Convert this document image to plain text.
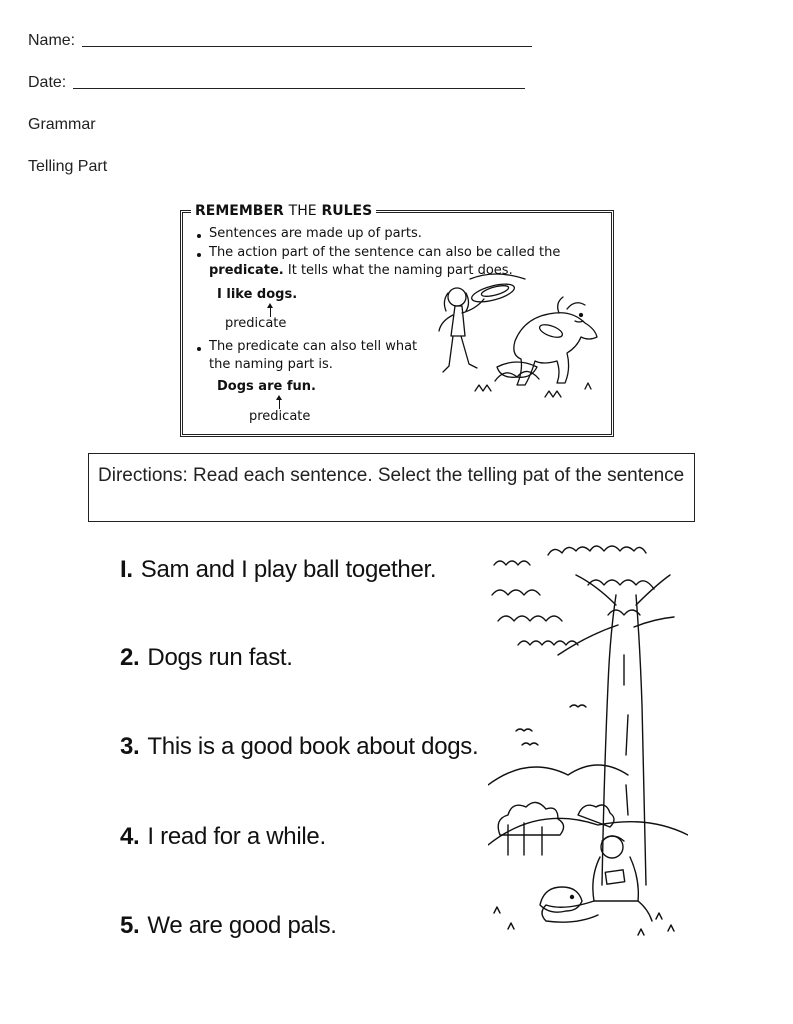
Name:
Date:
Grammar
Telling Part
REMEMBER THE RULES
Sentences are made up of parts.
The action part of the sentence can also be called the
predicate. It tells what the naming part does.
I like dogs.
predicate
The predicate can also tell what
the naming part is.
Dogs are fun.
predicate
Directions: Read each sentence. Select the telling pat of the sentence
I. Sam and I play ball together.
2. Dogs run fast.
3. This is a good book about dogs.
4. I read for a while.
5. We are good pals.
